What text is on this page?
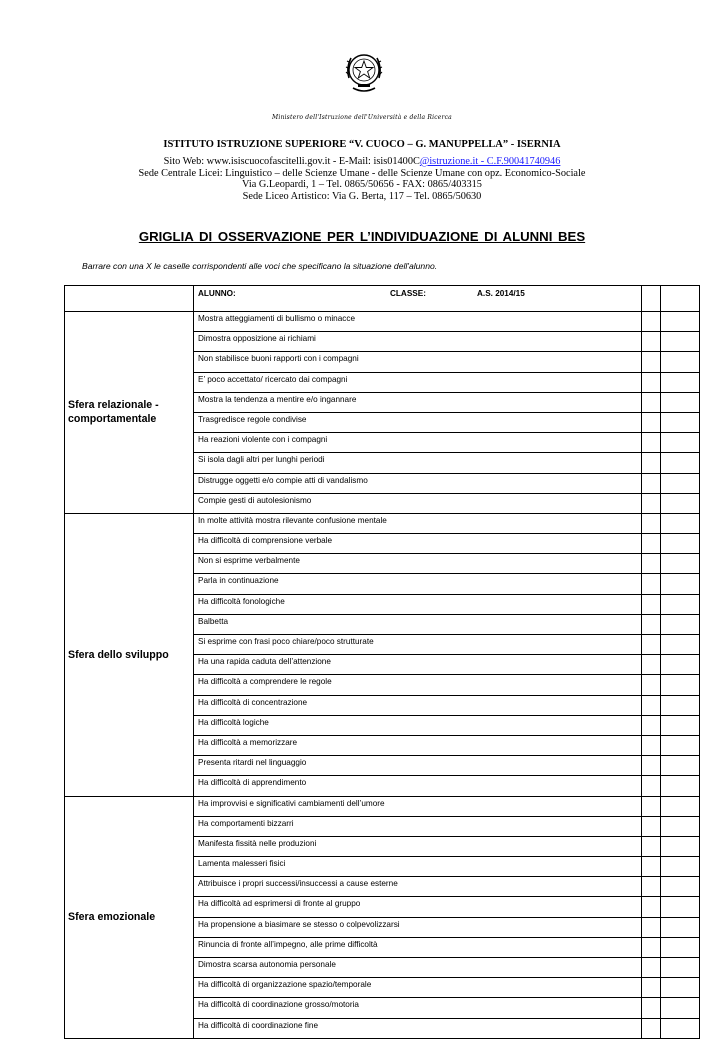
Ministero dell'Istruzione dell'Università e della Ricerca
ISTITUTO ISTRUZIONE SUPERIORE “V. CUOCO – G. MANUPPELLA” - ISERNIA
Sito Web: www.isiscuocofascitelli.gov.it - E-Mail: isis01400C@istruzione.it - C.F.90041740946
Sede Centrale Licei: Linguistico – delle Scienze Umane - delle Scienze Umane con opz. Economico-Sociale
Via G.Leopardi, 1 – Tel. 0865/50656 - FAX: 0865/403315
Sede Liceo Artistico: Via G. Berta, 117 – Tel. 0865/50630
GRIGLIA DI OSSERVAZIONE PER L’INDIVIDUAZIONE DI ALUNNI BES
Barrare con una X le caselle corrispondenti alle voci che specificano la situazione dell'alunno.

	ALUNNO: CLASSE: A.S. 2014/15		

Sfera relazionale -
comportamentale	Mostra atteggiamenti di bullismo o minacce		
	Dimostra opposizione ai richiami		
	Non stabilisce buoni rapporti con i compagni		
	E’ poco accettato/ ricercato dai compagni		
	Mostra la tendenza a mentire e/o ingannare		
	Trasgredisce regole condivise		
	Ha reazioni violente con i compagni		
	Si isola dagli altri per lunghi periodi		
	Distrugge oggetti e/o compie atti di vandalismo		
	Compie gesti di autolesionismo		

Sfera dello sviluppo	In molte attività mostra rilevante confusione mentale		
	Ha difficoltà di comprensione verbale		
	Non si esprime verbalmente		
	Parla in continuazione		
	Ha difficoltà fonologiche		
	Balbetta		
	Si esprime con frasi poco chiare/poco strutturate		
	Ha una rapida caduta dell’attenzione		
	Ha difficoltà a comprendere le regole		
	Ha difficoltà di concentrazione		
	Ha difficoltà logiche		
	Ha difficoltà a memorizzare		
	Presenta ritardi nel linguaggio		
	Ha difficoltà di apprendimento		

Sfera emozionale	Ha improvvisi e significativi cambiamenti dell’umore		
	Ha comportamenti bizzarri		
	Manifesta fissità nelle produzioni		
	Lamenta malesseri fisici		
	Attribuisce i propri successi/insuccessi a cause esterne		
	Ha difficoltà ad esprimersi di fronte al gruppo		
	Ha propensione a biasimare se stesso o colpevolizzarsi		
	Rinuncia di fronte all’impegno, alle prime difficoltà		
	Dimostra scarsa autonomia personale		
	Ha difficoltà di organizzazione spazio/temporale		
	Ha difficoltà di coordinazione grosso/motoria		
	Ha difficoltà di coordinazione fine		
